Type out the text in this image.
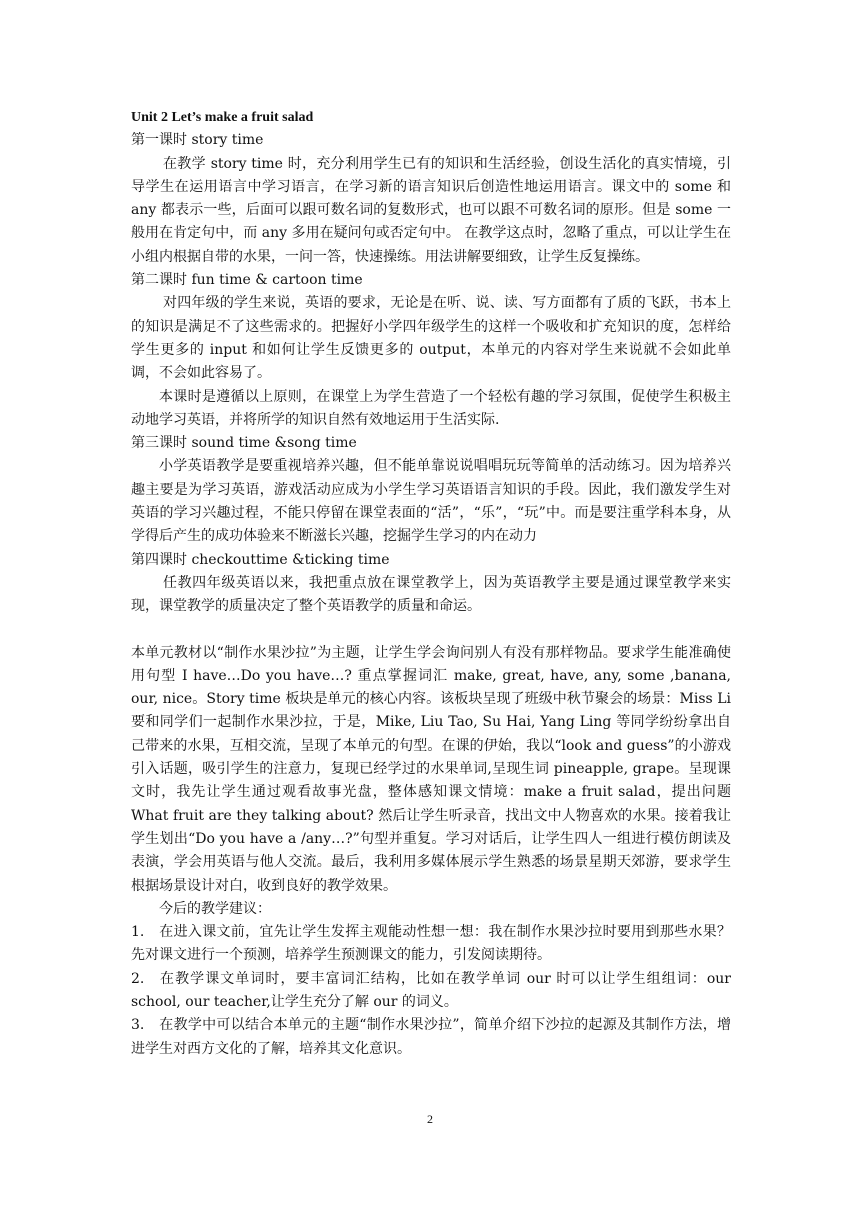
Unit 2 Let’s make a fruit salad

第一课时 story time

在教学 story time 时，充分利用学生已有的知识和生活经验，创设生活化的真实情境，引导学生在运用语言中学习语言，在学习新的语言知识后创造性地运用语言。课文中的 some 和 any 都表示一些，后面可以跟可数名词的复数形式，也可以跟不可数名词的原形。但是 some 一般用在肯定句中，而 any 多用在疑问句或否定句中。 在教学这点时，忽略了重点，可以让学生在小组内根据自带的水果，一问一答，快速操练。用法讲解要细致，让学生反复操练。

第二课时 fun time & cartoon time

对四年级的学生来说，英语的要求，无论是在听、说、读、写方面都有了质的飞跃，书本上的知识是满足不了这些需求的。把握好小学四年级学生的这样一个吸收和扩充知识的度，怎样给学生更多的 input 和如何让学生反馈更多的 output，本单元的内容对学生来说就不会如此单调，不会如此容易了。

本课时是遵循以上原则，在课堂上为学生营造了一个轻松有趣的学习氛围，促使学生积极主动地学习英语，并将所学的知识自然有效地运用于生活实际.

第三课时 sound time &song time

小学英语教学是要重视培养兴趣，但不能单靠说说唱唱玩玩等简单的活动练习。因为培养兴趣主要是为学习英语，游戏活动应成为小学生学习英语语言知识的手段。因此，我们激发学生对英语的学习兴趣过程，不能只停留在课堂表面的“活”，“乐”，“玩”中。而是要注重学科本身，从学得后产生的成功体验来不断滋长兴趣，挖掘学生学习的内在动力

第四课时 checkouttime &ticking time

任教四年级英语以来，我把重点放在课堂教学上，因为英语教学主要是通过课堂教学来实现，课堂教学的质量决定了整个英语教学的质量和命运。

本单元教材以“制作水果沙拉”为主题，让学生学会询问别人有没有那样物品。要求学生能准确使用句型 I have…Do you have…? 重点掌握词汇 make, great, have, any, some ,banana, our, nice。Story time 板块是单元的核心内容。该板块呈现了班级中秋节聚会的场景：Miss Li 要和同学们一起制作水果沙拉，于是，Mike, Liu Tao, Su Hai, Yang Ling 等同学纷纷拿出自己带来的水果，互相交流，呈现了本单元的句型。在课的伊始，我以“look and guess”的小游戏引入话题，吸引学生的注意力，复现已经学过的水果单词,呈现生词 pineapple, grape。呈现课文时，我先让学生通过观看故事光盘，整体感知课文情境：make a fruit salad，提出问题 What fruit are they talking about? 然后让学生听录音，找出文中人物喜欢的水果。接着我让学生划出“Do you have a /any…?”句型并重复。学习对话后，让学生四人一组进行模仿朗读及表演，学会用英语与他人交流。最后，我利用多媒体展示学生熟悉的场景星期天郊游，要求学生根据场景设计对白，收到良好的教学效果。

今后的教学建议：

1. 在进入课文前，宜先让学生发挥主观能动性想一想：我在制作水果沙拉时要用到那些水果？先对课文进行一个预测，培养学生预测课文的能力，引发阅读期待。

2. 在教学课文单词时，要丰富词汇结构，比如在教学单词 our 时可以让学生组组词：our school, our teacher,让学生充分了解 our 的词义。

3. 在教学中可以结合本单元的主题“制作水果沙拉”，简单介绍下沙拉的起源及其制作方法，增进学生对西方文化的了解，培养其文化意识。

2
